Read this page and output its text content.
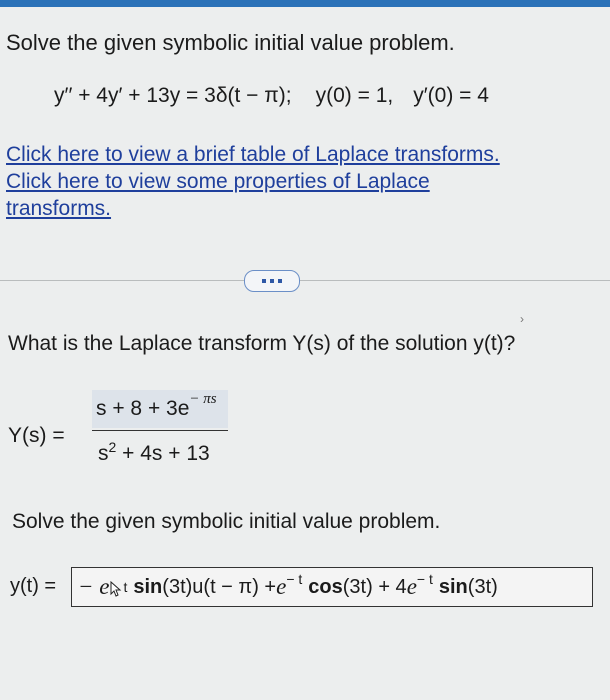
Solve the given symbolic initial value problem.
y′′ + 4y′ + 13y = 3δ(t − π); y(0) = 1, y′(0) = 4
Click here to view a brief table of Laplace transforms.
Click here to view some properties of Laplace
transforms.
›
What is the Laplace transform Y(s) of the solution y(t)?
Y(s) =
$s + 8 + 3e^{- \pi s}$
$s^2 + 4s + 13$
Solve the given symbolic initial value problem.
y(t) = − e t $\sin (3t)u(t - \pi) + e^{- t}$ cos (3t) + 4 $e^{- t}$ sin (3t)
